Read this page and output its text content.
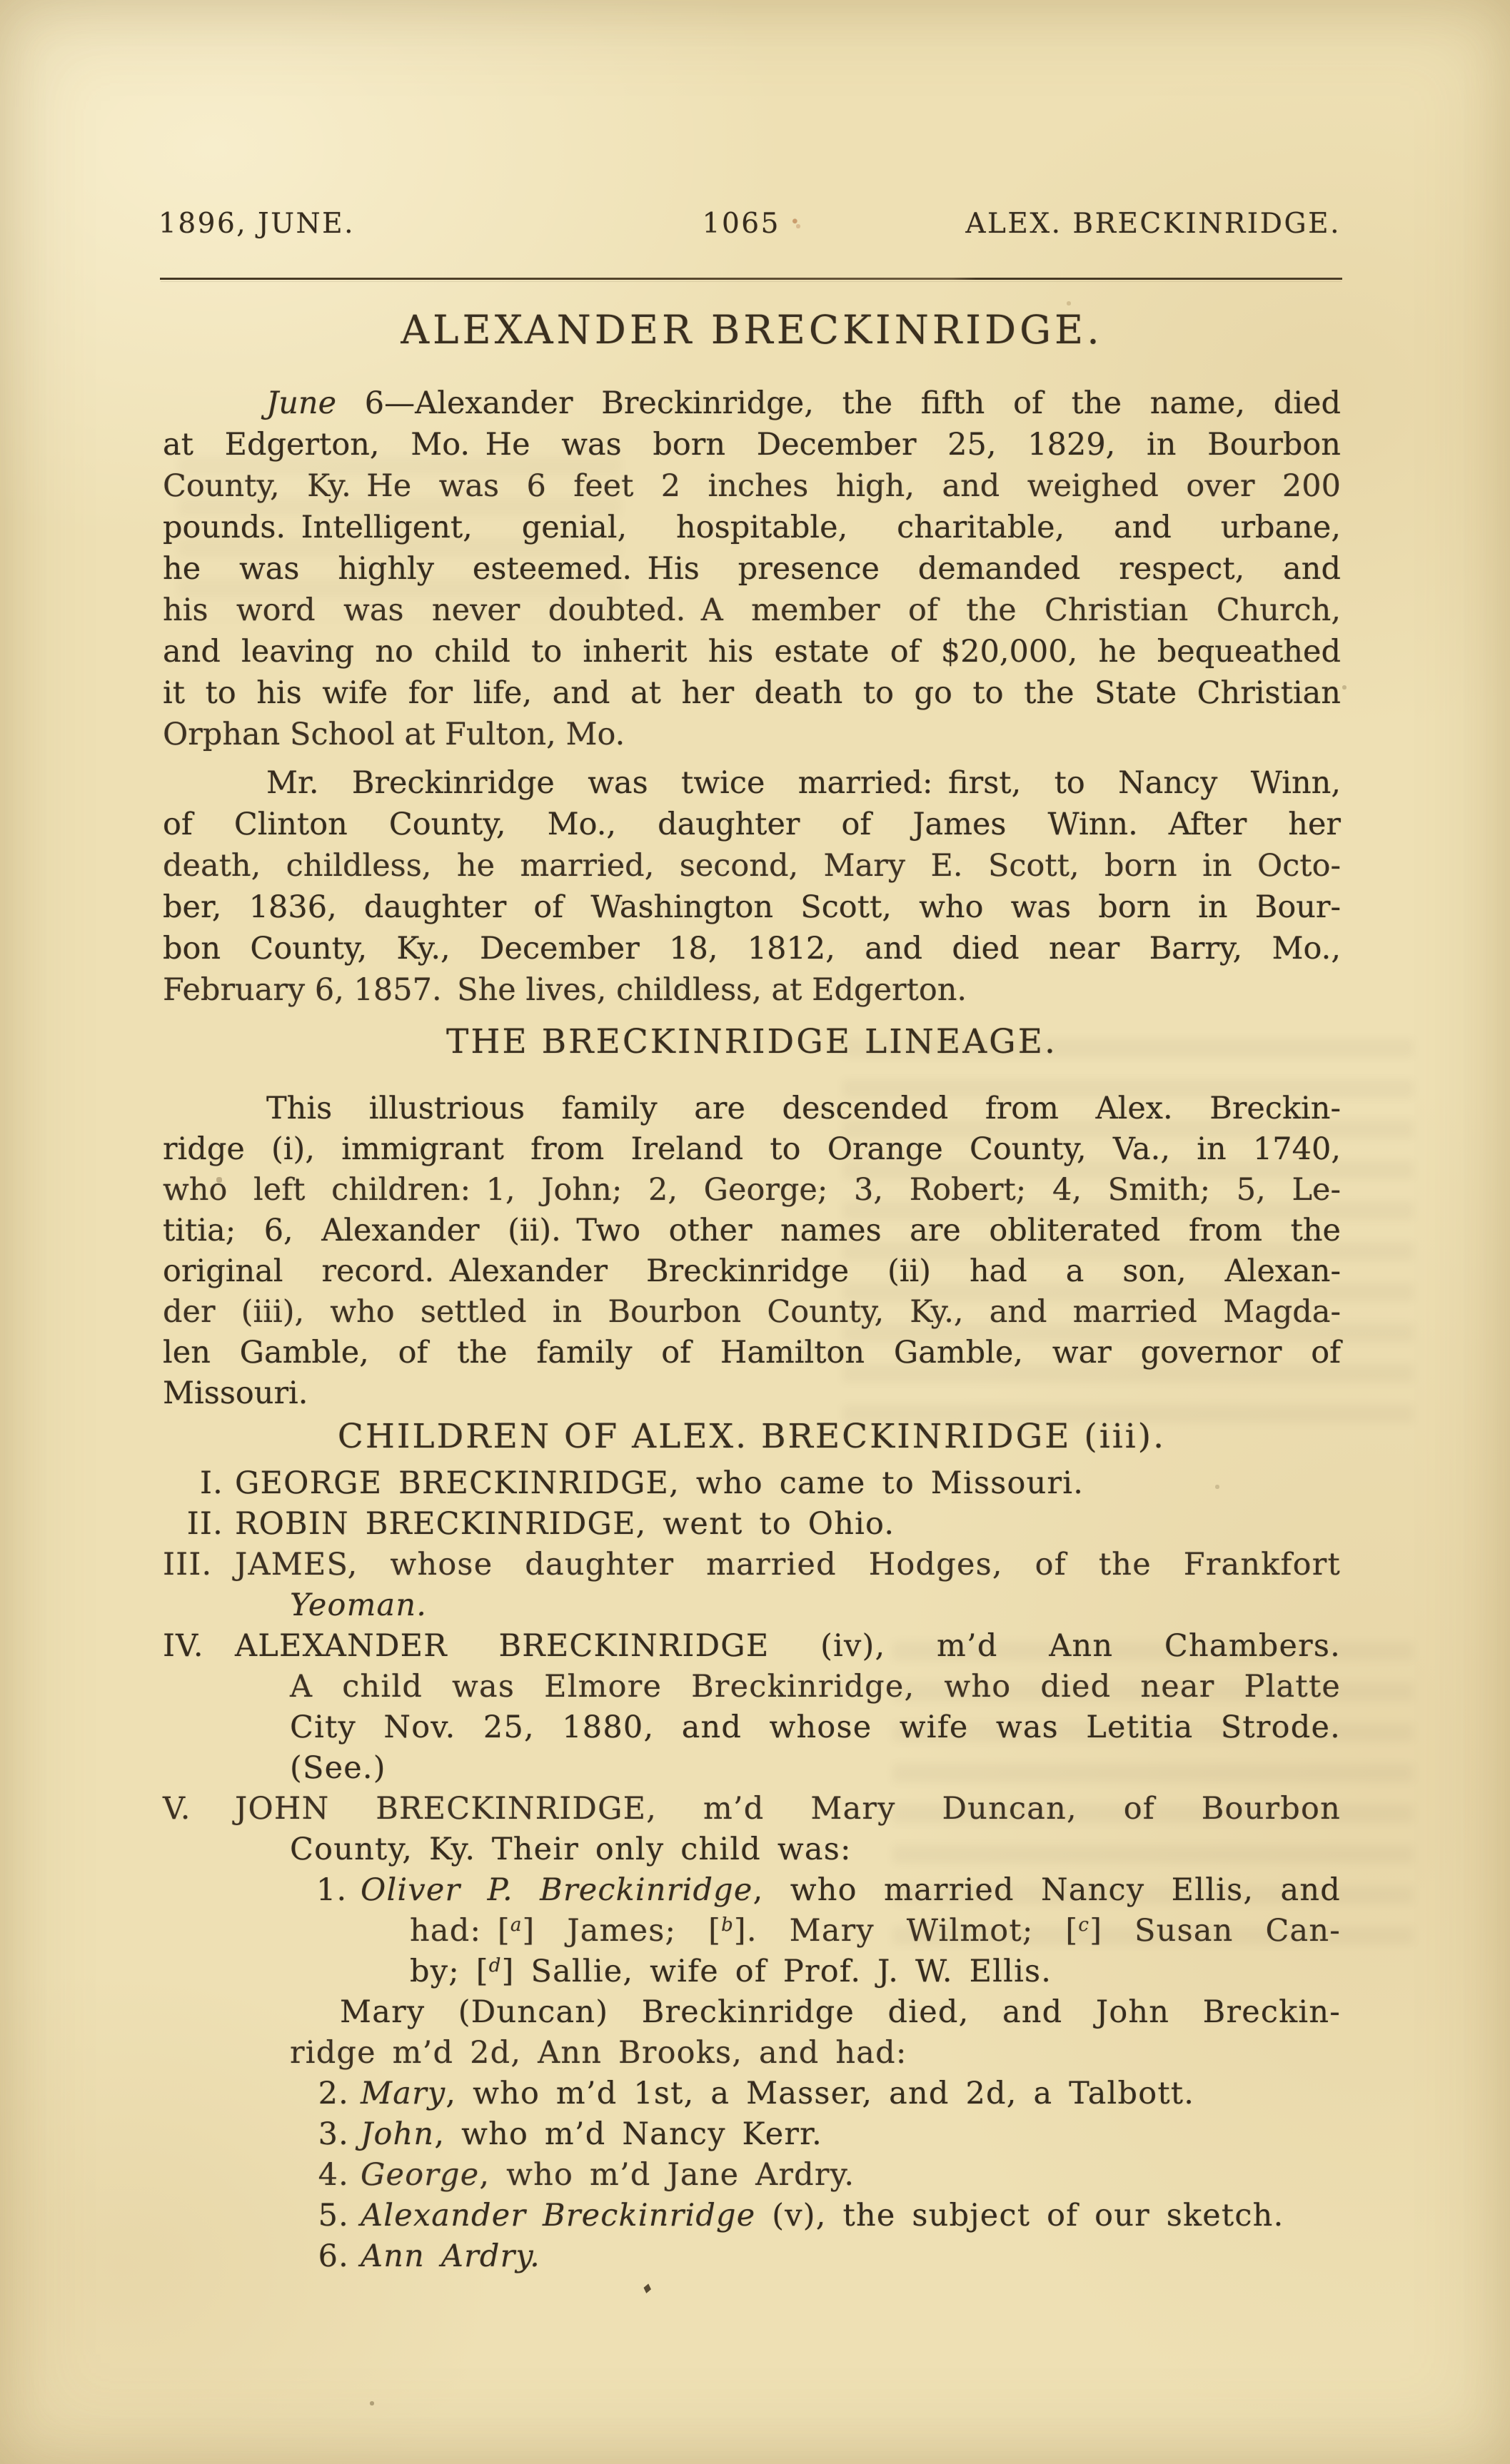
1896, JUNE.	1065 •	ALEX. BRECKINRIDGE.
ALEXANDER BRECKINRIDGE.
June 6—Alexander Breckinridge, the fifth of the name, died
at Edgerton, Mo. He was born December 25, 1829, in Bourbon
County, Ky. He was 6 feet 2 inches high, and weighed over 200
pounds. Intelligent, genial, hospitable, charitable, and urbane,
he was highly esteemed. His presence demanded respect, and
his word was never doubted. A member of the Christian Church,
and leaving no child to inherit his estate of $20,000, he bequeathed
it to his wife for life, and at her death to go to the State Christian
Orphan School at Fulton, Mo.
Mr. Breckinridge was twice married: first, to Nancy Winn,
of Clinton County, Mo., daughter of James Winn.  After her
death, childless, he married, second, Mary E. Scott, born in Octo-
ber, 1836, daughter of Washington Scott, who was born in Bour-
bon County, Ky., December 18, 1812, and died near Barry, Mo.,
February 6, 1857. She lives, childless, at Edgerton.
THE BRECKINRIDGE LINEAGE.
This illustrious family are descended from Alex. Breckin-
ridge (i), immigrant from Ireland to Orange County, Va., in 1740,
who left children: 1, John; 2, George; 3, Robert; 4, Smith; 5, Le-
titia; 6, Alexander (ii). Two other names are obliterated from the
original record. Alexander Breckinridge (ii) had a son, Alexan-
der (iii), who settled in Bourbon County, Ky., and married Magda-
len Gamble, of the family of Hamilton Gamble, war governor of
Missouri.
CHILDREN OF ALEX. BRECKINRIDGE (iii).
I. GEORGE BRECKINRIDGE, who came to Missouri.
II. ROBIN BRECKINRIDGE, went to Ohio.
III. JAMES, whose daughter married Hodges, of the Frankfort
Yeoman.
IV. ALEXANDER BRECKINRIDGE (iv), m’d Ann Chambers.
A child was Elmore Breckinridge, who died near Platte
City Nov. 25, 1880, and whose wife was Letitia Strode.
(See.)
V. JOHN BRECKINRIDGE, m’d Mary Duncan, of Bourbon
County, Ky. Their only child was:
1. Oliver P. Breckinridge, who married Nancy Ellis, and
had: [$^a$] James; [$^b$]. Mary Wilmot; [$^c$] Susan Can-
by; [$^d$] Sallie, wife of Prof. J. W. Ellis.
Mary (Duncan) Breckinridge died, and John Breckin-
ridge m’d 2d, Ann Brooks, and had:
2. Mary, who m’d 1st, a Masser, and 2d, a Talbott.
3. John, who m’d Nancy Kerr.
4. George, who m’d Jane Ardry.
5. Alexander Breckinridge (v), the subject of our sketch.
6. Ann Ardry.
♦
